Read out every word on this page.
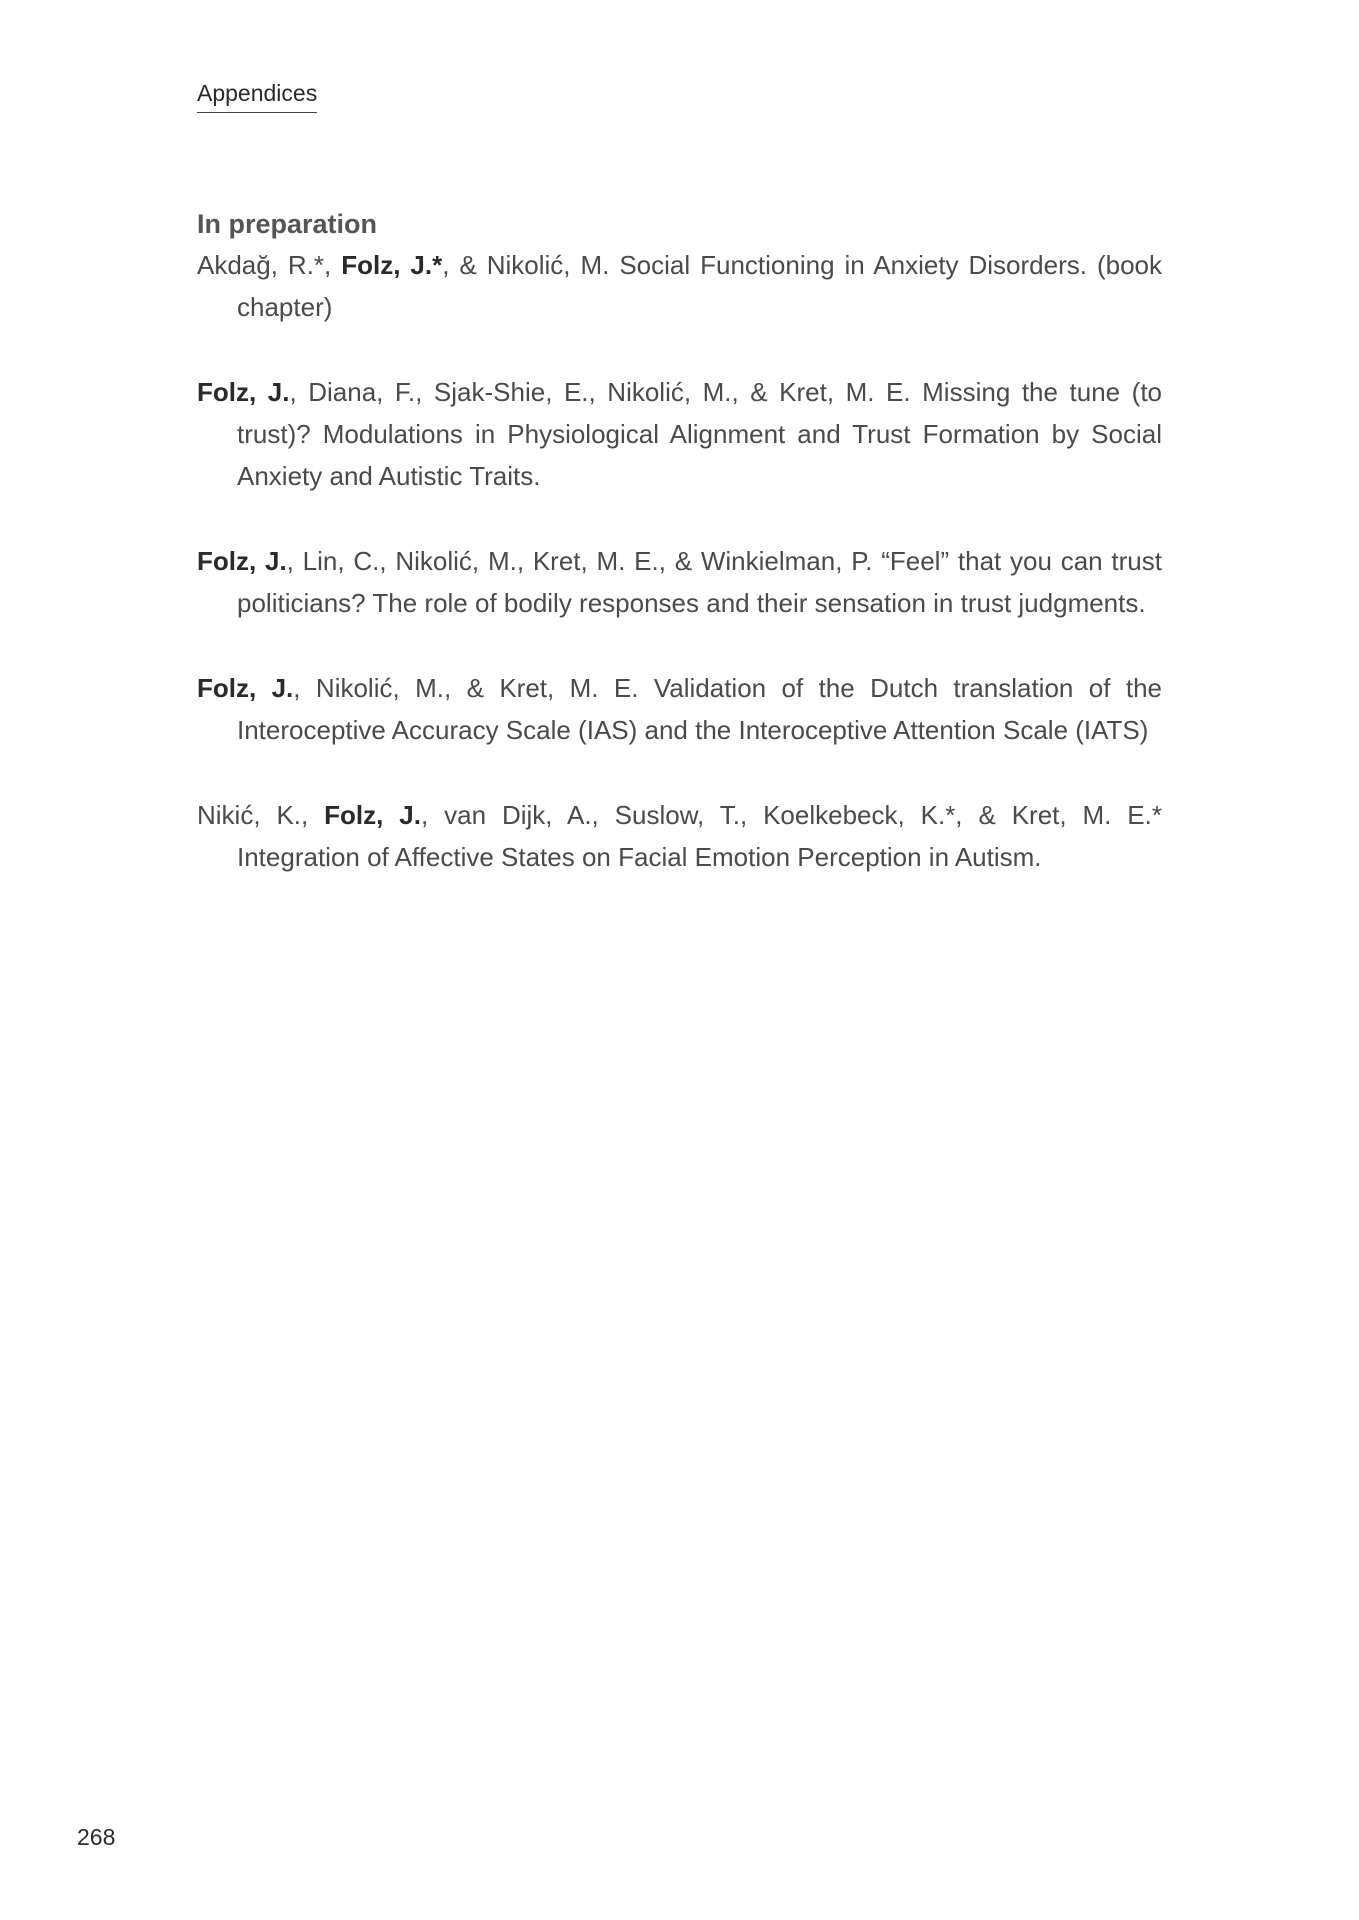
Appendices

In preparation

Akdağ, R.*, Folz, J.*, & Nikolić, M. Social Functioning in Anxiety Disorders. (book chapter)

Folz, J., Diana, F., Sjak-Shie, E., Nikolić, M., & Kret, M. E. Missing the tune (to trust)? Modulations in Physiological Alignment and Trust Formation by Social Anxiety and Autistic Traits.

Folz, J., Lin, C., Nikolić, M., Kret, M. E., & Winkielman, P. “Feel” that you can trust politicians? The role of bodily responses and their sensation in trust judgments.

Folz, J., Nikolić, M., & Kret, M. E. Validation of the Dutch translation of the Interoceptive Accuracy Scale (IAS) and the Interoceptive Attention Scale (IATS)

Nikić, K., Folz, J., van Dijk, A., Suslow, T., Koelkebeck, K.*, & Kret, M. E.* Integration of Affective States on Facial Emotion Perception in Autism.

268
